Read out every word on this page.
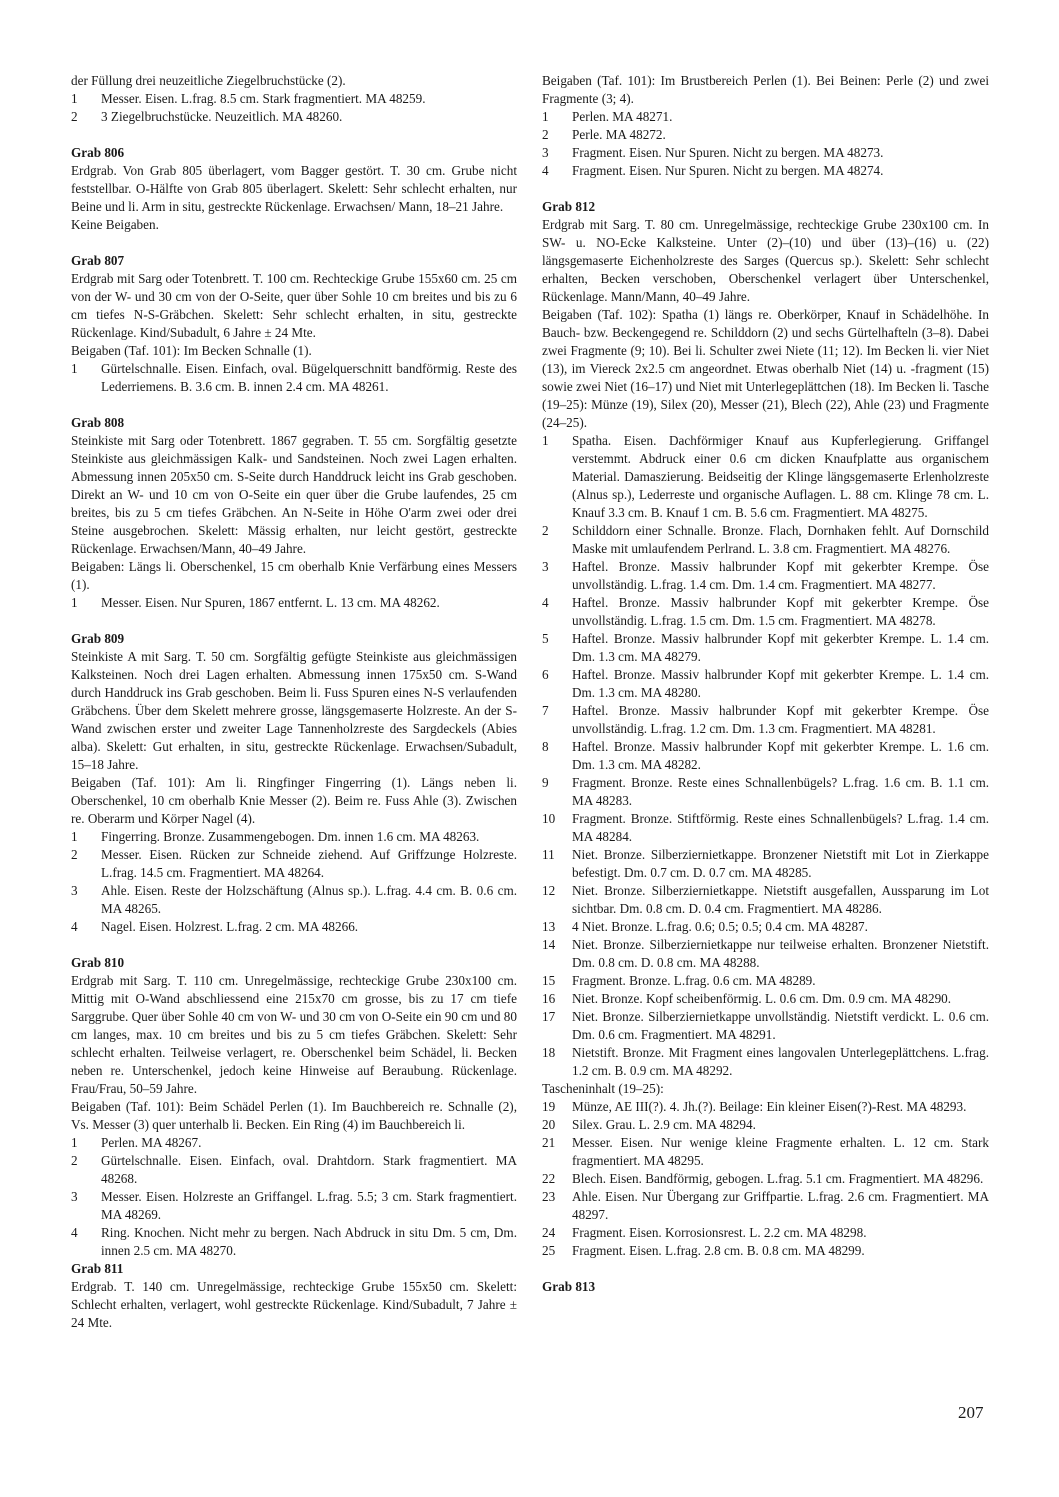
der Füllung drei neuzeitliche Ziegelbruchstücke (2).
1 Messer. Eisen. L.frag. 8.5 cm. Stark fragmentiert. MA 48259.
2 3 Ziegelbruchstücke. Neuzeitlich. MA 48260.
Grab 806
Erdgrab. Von Grab 805 überlagert, vom Bagger gestört. T. 30 cm. Grube nicht feststellbar. O-Hälfte von Grab 805 überlagert. Skelett: Sehr schlecht erhalten, nur Beine und li. Arm in situ, gestreckte Rückenlage. Erwachsen/ Mann, 18–21 Jahre.
Keine Beigaben.
Grab 807
Erdgrab mit Sarg oder Totenbrett. T. 100 cm. Rechteckige Grube 155x60 cm. 25 cm von der W- und 30 cm von der O-Seite, quer über Sohle 10 cm breites und bis zu 6 cm tiefes N-S-Gräbchen. Skelett: Sehr schlecht erhalten, in situ, gestreckte Rückenlage. Kind/Subadult, 6 Jahre ± 24 Mte.
Beigaben (Taf. 101): Im Becken Schnalle (1).
1 Gürtelschnalle. Eisen. Einfach, oval. Bügelquerschnitt bandförmig. Reste des Lederriemens. B. 3.6 cm. B. innen 2.4 cm. MA 48261.
Grab 808
Steinkiste mit Sarg oder Totenbrett. 1867 gegraben. T. 55 cm. Sorgfältig gesetzte Steinkiste aus gleichmässigen Kalk- und Sandsteinen. Noch zwei Lagen erhalten. Abmessung innen 205x50 cm. S-Seite durch Handdruck leicht ins Grab geschoben. Direkt an W- und 10 cm von O-Seite ein quer über die Grube laufendes, 25 cm breites, bis zu 5 cm tiefes Gräbchen. An N-Seite in Höhe O'arm zwei oder drei Steine ausgebrochen. Skelett: Mässig erhalten, nur leicht gestört, gestreckte Rückenlage. Erwachsen/Mann, 40–49 Jahre.
Beigaben: Längs li. Oberschenkel, 15 cm oberhalb Knie Verfärbung eines Messers (1).
1 Messer. Eisen. Nur Spuren, 1867 entfernt. L. 13 cm. MA 48262.
Grab 809
Steinkiste A mit Sarg. T. 50 cm. Sorgfältig gefügte Steinkiste aus gleichmässigen Kalksteinen. Noch drei Lagen erhalten. Abmessung innen 175x50 cm. S-Wand durch Handdruck ins Grab geschoben. Beim li. Fuss Spuren eines N-S verlaufenden Gräbchens. Über dem Skelett mehrere grosse, längsgemaserte Holzreste. An der S-Wand zwischen erster und zweiter Lage Tannenholzreste des Sargdeckels (Abies alba). Skelett: Gut erhalten, in situ, gestreckte Rückenlage. Erwachsen/Subadult, 15–18 Jahre.
Beigaben (Taf. 101): Am li. Ringfinger Fingerring (1). Längs neben li. Oberschenkel, 10 cm oberhalb Knie Messer (2). Beim re. Fuss Ahle (3). Zwischen re. Oberarm und Körper Nagel (4).
1 Fingerring. Bronze. Zusammengebogen. Dm. innen 1.6 cm. MA 48263.
2 Messer. Eisen. Rücken zur Schneide ziehend. Auf Griffzunge Holzreste. L.frag. 14.5 cm. Fragmentiert. MA 48264.
3 Ahle. Eisen. Reste der Holzschäftung (Alnus sp.). L.frag. 4.4 cm. B. 0.6 cm. MA 48265.
4 Nagel. Eisen. Holzrest. L.frag. 2 cm. MA 48266.
Grab 810
Erdgrab mit Sarg. T. 110 cm. Unregelmässige, rechteckige Grube 230x100 cm. Mittig mit O-Wand abschliessend eine 215x70 cm grosse, bis zu 17 cm tiefe Sarggrube. Quer über Sohle 40 cm von W- und 30 cm von O-Seite ein 90 cm und 80 cm langes, max. 10 cm breites und bis zu 5 cm tiefes Gräbchen. Skelett: Sehr schlecht erhalten. Teilweise verlagert, re. Oberschenkel beim Schädel, li. Becken neben re. Unterschenkel, jedoch keine Hinweise auf Beraubung. Rückenlage. Frau/Frau, 50–59 Jahre.
Beigaben (Taf. 101): Beim Schädel Perlen (1). Im Bauchbereich re. Schnalle (2), Vs. Messer (3) quer unterhalb li. Becken. Ein Ring (4) im Bauchbereich li.
1 Perlen. MA 48267.
2 Gürtelschnalle. Eisen. Einfach, oval. Drahtdorn. Stark fragmentiert. MA 48268.
3 Messer. Eisen. Holzreste an Griffangel. L.frag. 5.5; 3 cm. Stark fragmentiert. MA 48269.
4 Ring. Knochen. Nicht mehr zu bergen. Nach Abdruck in situ Dm. 5 cm, Dm. innen 2.5 cm. MA 48270.
Grab 811
Erdgrab. T. 140 cm. Unregelmässige, rechteckige Grube 155x50 cm. Skelett: Schlecht erhalten, verlagert, wohl gestreckte Rückenlage. Kind/Subadult, 7 Jahre ± 24 Mte.
Beigaben (Taf. 101): Im Brustbereich Perlen (1). Bei Beinen: Perle (2) und zwei Fragmente (3; 4).
1 Perlen. MA 48271.
2 Perle. MA 48272.
3 Fragment. Eisen. Nur Spuren. Nicht zu bergen. MA 48273.
4 Fragment. Eisen. Nur Spuren. Nicht zu bergen. MA 48274.
Grab 812
Erdgrab mit Sarg. T. 80 cm. Unregelmässige, rechteckige Grube 230x100 cm. In SW- u. NO-Ecke Kalksteine. Unter (2)–(10) und über (13)–(16) u. (22) längsgemaserte Eichenholzreste des Sarges (Quercus sp.). Skelett: Sehr schlecht erhalten, Becken verschoben, Oberschenkel verlagert über Unterschenkel, Rückenlage. Mann/Mann, 40–49 Jahre.
Beigaben (Taf. 102): Spatha (1) längs re. Oberkörper, Knauf in Schädelhöhe. In Bauch- bzw. Beckengegend re. Schilddorn (2) und sechs Gürtelhafteln (3–8). Dabei zwei Fragmente (9; 10). Bei li. Schulter zwei Niete (11; 12). Im Becken li. vier Niet (13), im Viereck 2x2.5 cm angeordnet. Etwas oberhalb Niet (14) u. -fragment (15) sowie zwei Niet (16–17) und Niet mit Unterlegeplättchen (18). Im Becken li. Tasche (19–25): Münze (19), Silex (20), Messer (21), Blech (22), Ahle (23) und Fragmente (24–25).
1 Spatha. Eisen. Dachförmiger Knauf aus Kupferlegierung. Griffangel verstemmt. Abdruck einer 0.6 cm dicken Knaufplatte aus organischem Material. Damaszierung. Beidseitig der Klinge längsgemaserte Erlenholzreste (Alnus sp.), Lederreste und organische Auflagen. L. 88 cm. Klinge 78 cm. L. Knauf 3.3 cm. B. Knauf 1 cm. B. 5.6 cm. Fragmentiert. MA 48275.
2 Schilddorn einer Schnalle. Bronze. Flach, Dornhaken fehlt. Auf Dornschild Maske mit umlaufendem Perlrand. L. 3.8 cm. Fragmentiert. MA 48276.
3 Haftel. Bronze. Massiv halbrunder Kopf mit gekerbter Krempe. Öse unvollständig. L.frag. 1.4 cm. Dm. 1.4 cm. Fragmentiert. MA 48277.
4 Haftel. Bronze. Massiv halbrunder Kopf mit gekerbter Krempe. Öse unvollständig. L.frag. 1.5 cm. Dm. 1.5 cm. Fragmentiert. MA 48278.
5 Haftel. Bronze. Massiv halbrunder Kopf mit gekerbter Krempe. L. 1.4 cm. Dm. 1.3 cm. MA 48279.
6 Haftel. Bronze. Massiv halbrunder Kopf mit gekerbter Krempe. L. 1.4 cm. Dm. 1.3 cm. MA 48280.
7 Haftel. Bronze. Massiv halbrunder Kopf mit gekerbter Krempe. Öse unvollständig. L.frag. 1.2 cm. Dm. 1.3 cm. Fragmentiert. MA 48281.
8 Haftel. Bronze. Massiv halbrunder Kopf mit gekerbter Krempe. L. 1.6 cm. Dm. 1.3 cm. MA 48282.
9 Fragment. Bronze. Reste eines Schnallenbügels? L.frag. 1.6 cm. B. 1.1 cm. MA 48283.
10 Fragment. Bronze. Stiftförmig. Reste eines Schnallenbügels? L.frag. 1.4 cm. MA 48284.
11 Niet. Bronze. Silberziernietkappe. Bronzener Nietstift mit Lot in Zierkappe befestigt. Dm. 0.7 cm. D. 0.7 cm. MA 48285.
12 Niet. Bronze. Silberziernietkappe. Nietstift ausgefallen, Aussparung im Lot sichtbar. Dm. 0.8 cm. D. 0.4 cm. Fragmentiert. MA 48286.
13 4 Niet. Bronze. L.frag. 0.6; 0.5; 0.5; 0.4 cm. MA 48287.
14 Niet. Bronze. Silberziernietkappe nur teilweise erhalten. Bronzener Nietstift. Dm. 0.8 cm. D. 0.8 cm. MA 48288.
15 Fragment. Bronze. L.frag. 0.6 cm. MA 48289.
16 Niet. Bronze. Kopf scheibenförmig. L. 0.6 cm. Dm. 0.9 cm. MA 48290.
17 Niet. Bronze. Silberziernietkappe unvollständig. Nietstift verdickt. L. 0.6 cm. Dm. 0.6 cm. Fragmentiert. MA 48291.
18 Nietstift. Bronze. Mit Fragment eines langovalen Unterlegeplättchens. L.frag. 1.2 cm. B. 0.9 cm. MA 48292.
Tascheninhalt (19–25):
19 Münze, AE III(?). 4. Jh.(?). Beilage: Ein kleiner Eisen(?)-Rest. MA 48293.
20 Silex. Grau. L. 2.9 cm. MA 48294.
21 Messer. Eisen. Nur wenige kleine Fragmente erhalten. L. 12 cm. Stark fragmentiert. MA 48295.
22 Blech. Eisen. Bandförmig, gebogen. L.frag. 5.1 cm. Fragmentiert. MA 48296.
23 Ahle. Eisen. Nur Übergang zur Griffpartie. L.frag. 2.6 cm. Fragmentiert. MA 48297.
24 Fragment. Eisen. Korrosionsrest. L. 2.2 cm. MA 48298.
25 Fragment. Eisen. L.frag. 2.8 cm. B. 0.8 cm. MA 48299.
Grab 813
207
